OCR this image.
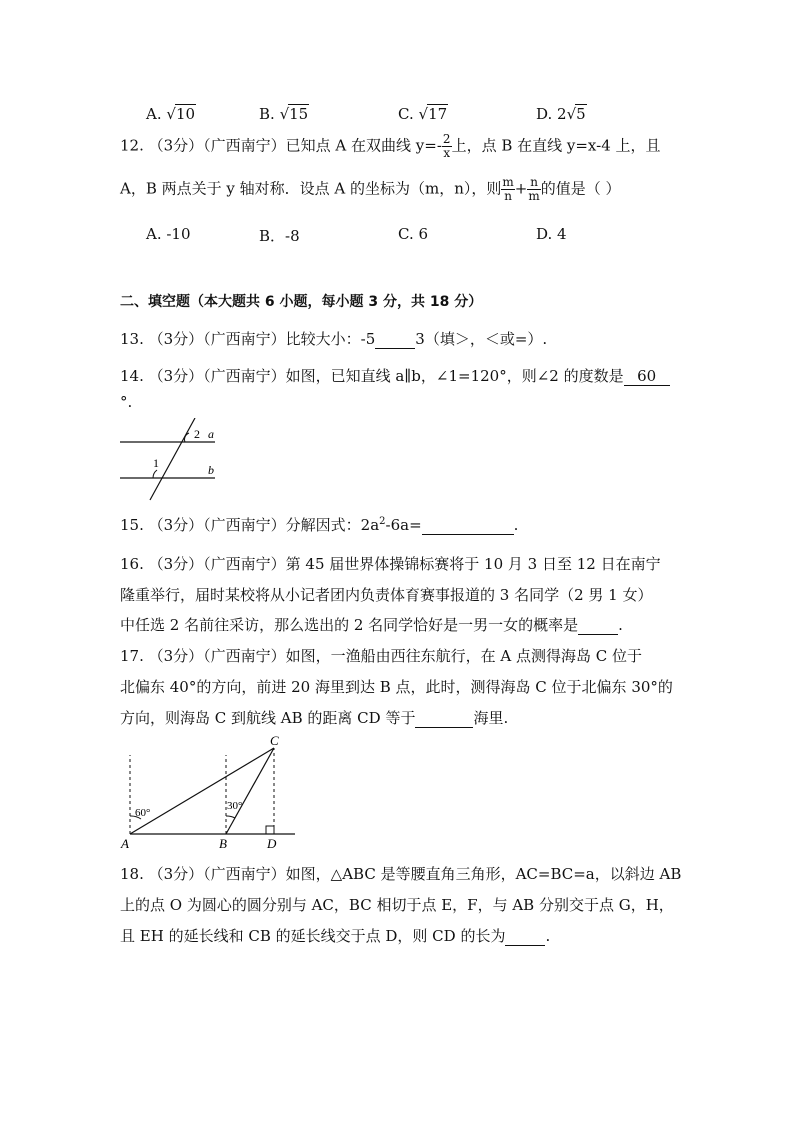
A. √10	B. √15	C. √17	D. 2√5
12. （3分）（广西南宁）已知点 A 在双曲线 $y=- \frac{2}{x}$ 上，点 B 在直线 y=x-4 上，且
A，B 两点关于 y 轴对称．设点 A 的坐标为（m，n），则 $\frac{m}{n} + \frac{n}{m}$ 的值是（ ）
A. -10	B．-8	C. 6	D. 4
二、填空题（本大题共 6 小题，每小题 3 分，共 18 分）
13. （3分）（广西南宁）比较大小：-5	3（填＞，＜或=）.
14. （3分）（广西南宁）如图，已知直线 a∥b，∠1=120°，则∠2 的度数是 60
°.
2 a
1	b
15. （3分）（广西南宁）分解因式：$2a^2-6a=$	.
16. （3分）（广西南宁）第 45 届世界体操锦标赛将于 10 月 3 日至 12 日在南宁
隆重举行，届时某校将从小记者团内负责体育赛事报道的 3 名同学（2 男 1 女）
中任选 2 名前往采访，那么选出的 2 名同学恰好是一男一女的概率是	.
17. （3分）（广西南宁）如图，一渔船由西往东航行，在 A 点测得海岛 C 位于
北偏东 40°的方向，前进 20 海里到达 B 点，此时，测得海岛 C 位于北偏东 30°的
方向，则海岛 C 到航线 AB 的距离 CD 等于	海里.
C
A	B	D
60°
30°
18. （3分）（广西南宁）如图，△ABC 是等腰直角三角形，AC=BC=a，以斜边 AB
上的点 O 为圆心的圆分别与 AC，BC 相切于点 E，F，与 AB 分别交于点 G，H，
且 EH 的延长线和 CB 的延长线交于点 D，则 CD 的长为	.
